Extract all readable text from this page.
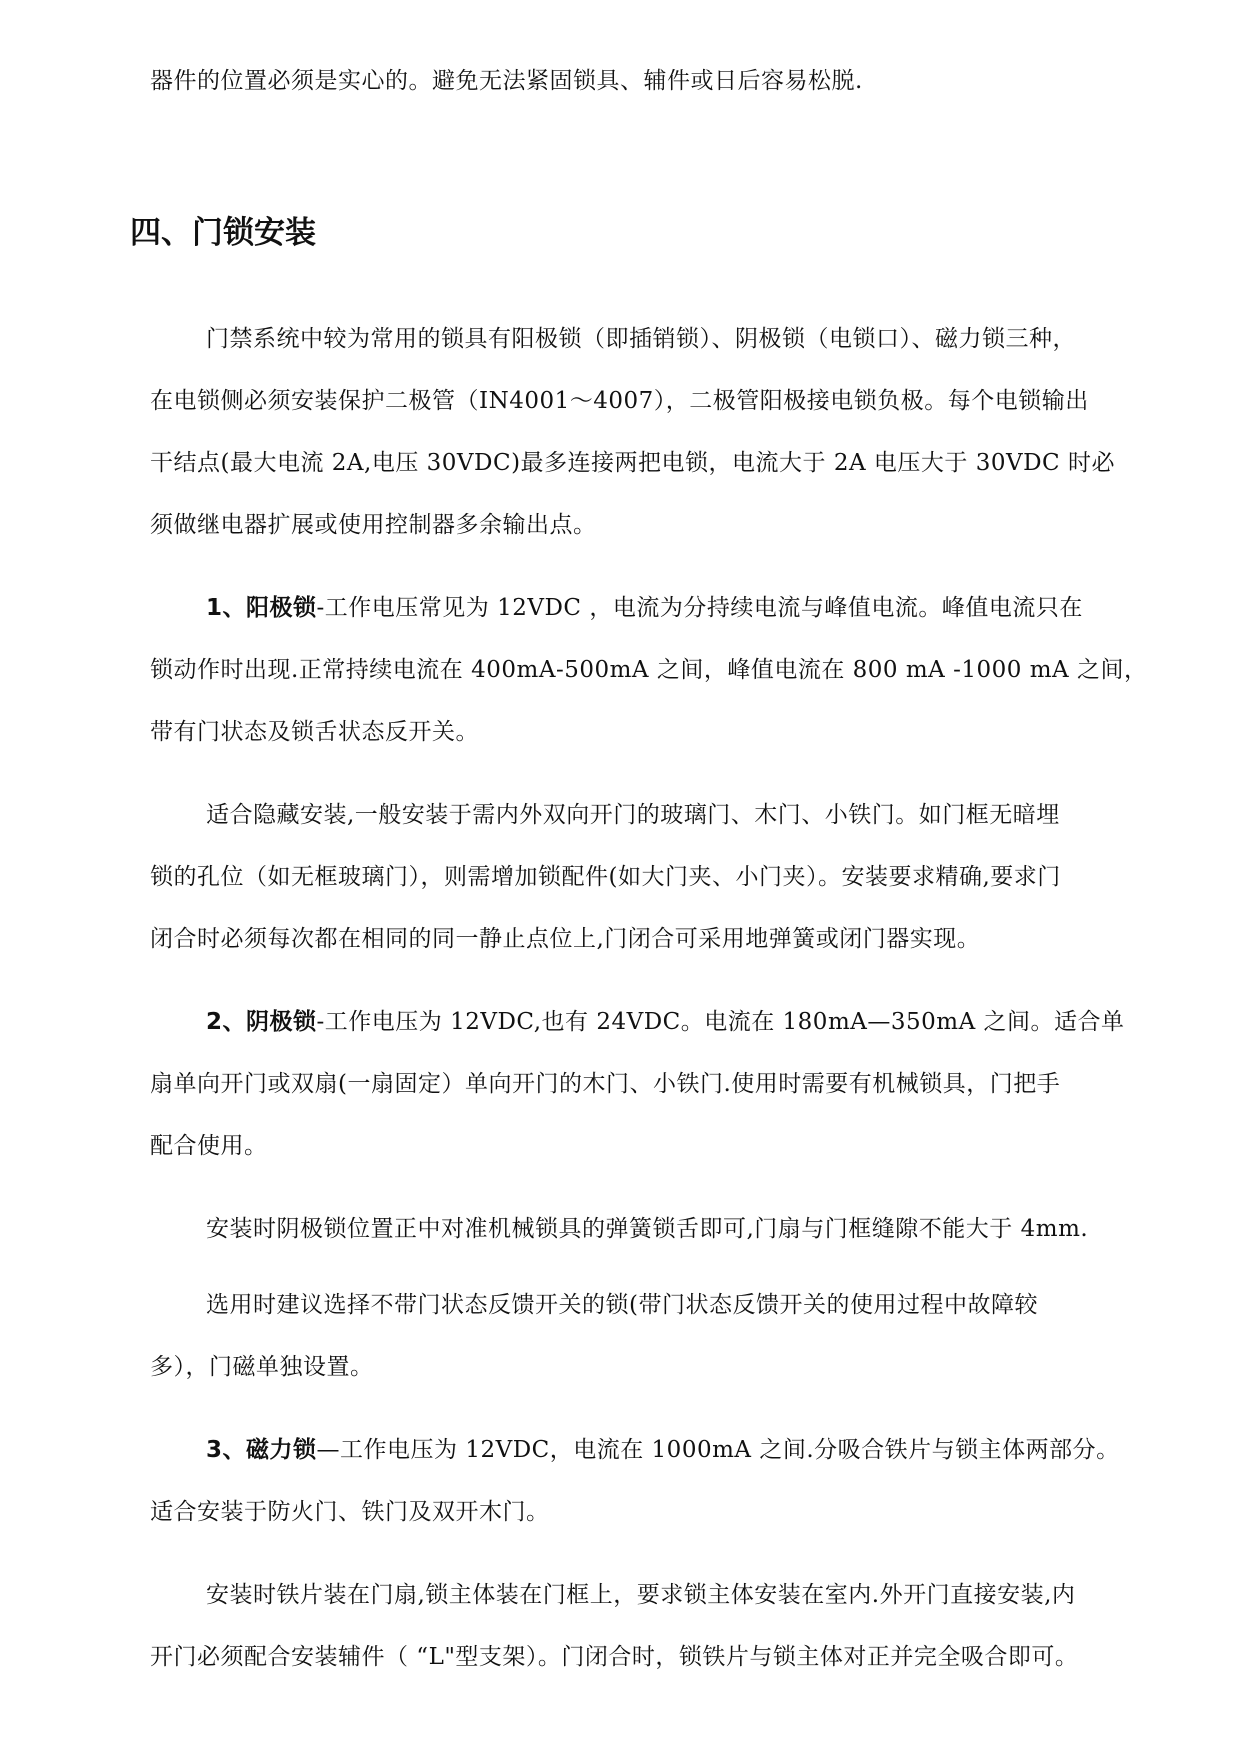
器件的位置必须是实心的。避免无法紧固锁具、辅件或日后容易松脱.
四、门锁安装
门禁系统中较为常用的锁具有阳极锁（即插销锁）、阴极锁（电锁口）、磁力锁三种，
在电锁侧必须安装保护二极管（IN4001～4007），二极管阳极接电锁负极。每个电锁输出
干结点(最大电流 2A,电压 30VDC)最多连接两把电锁，电流大于 2A 电压大于 30VDC 时必
须做继电器扩展或使用控制器多余输出点。
1、阳极锁-工作电压常见为 12VDC ，电流为分持续电流与峰值电流。峰值电流只在
锁动作时出现.正常持续电流在 400mA-500mA 之间，峰值电流在 800 mA -1000 mA 之间，
带有门状态及锁舌状态反开关。
适合隐藏安装,一般安装于需内外双向开门的玻璃门、木门、小铁门。如门框无暗埋
锁的孔位（如无框玻璃门），则需增加锁配件(如大门夹、小门夹）。安装要求精确,要求门
闭合时必须每次都在相同的同一静止点位上,门闭合可采用地弹簧或闭门器实现。
2、阴极锁-工作电压为 12VDC,也有 24VDC。电流在 180mA—350mA 之间。适合单
扇单向开门或双扇(一扇固定）单向开门的木门、小铁门.使用时需要有机械锁具，门把手
配合使用。
安装时阴极锁位置正中对准机械锁具的弹簧锁舌即可,门扇与门框缝隙不能大于 4mm.
选用时建议选择不带门状态反馈开关的锁(带门状态反馈开关的使用过程中故障较
多），门磁单独设置。
3、磁力锁—工作电压为 12VDC，电流在 1000mA 之间.分吸合铁片与锁主体两部分。
适合安装于防火门、铁门及双开木门。
安装时铁片装在门扇,锁主体装在门框上，要求锁主体安装在室内.外开门直接安装,内
开门必须配合安装辅件（ “L"型支架）。门闭合时，锁铁片与锁主体对正并完全吸合即可。
